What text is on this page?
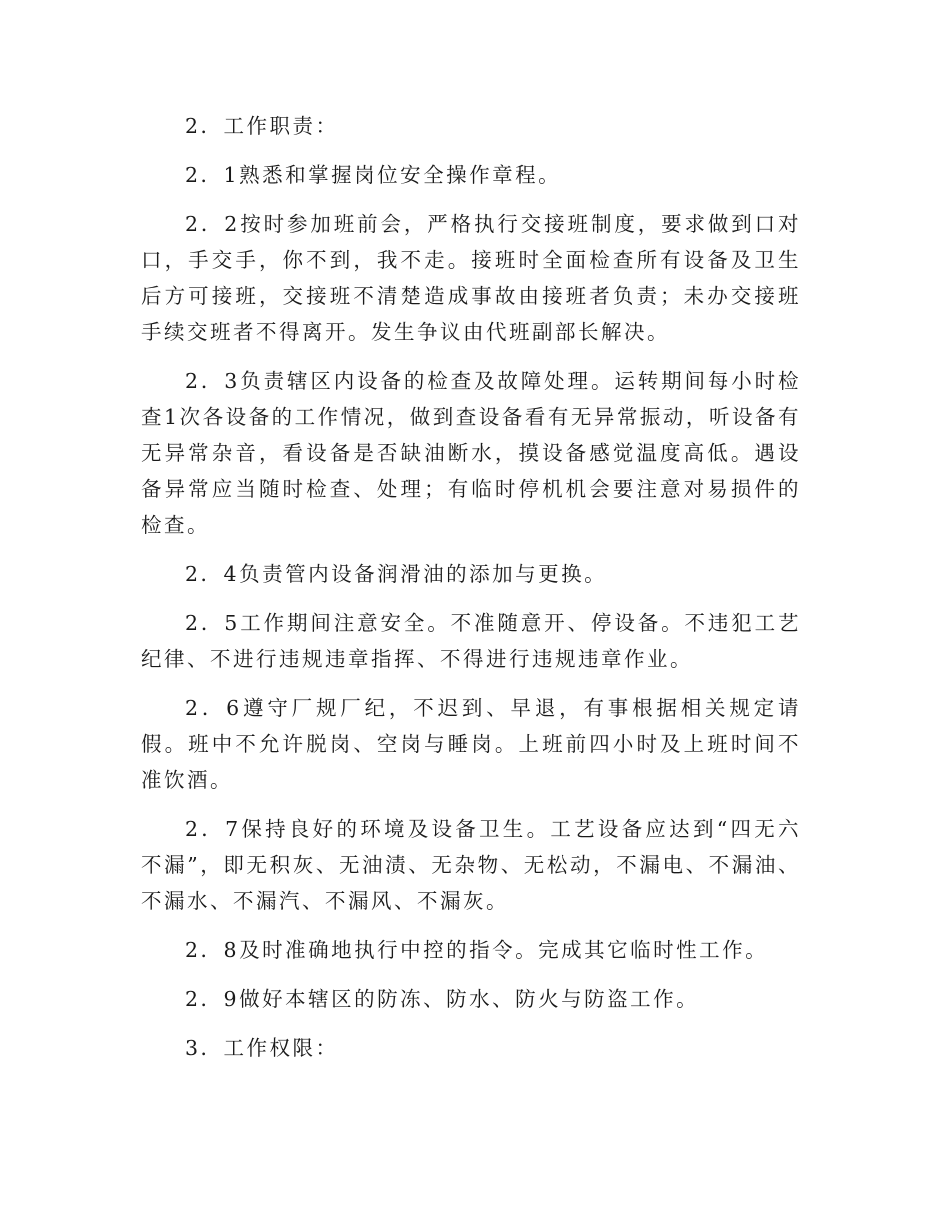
2．工作职责：

2．1熟悉和掌握岗位安全操作章程。

2．2按时参加班前会，严格执行交接班制度，要求做到口对口，手交手，你不到，我不走。接班时全面检查所有设备及卫生后方可接班，交接班不清楚造成事故由接班者负责；未办交接班手续交班者不得离开。发生争议由代班副部长解决。

2．3负责辖区内设备的检查及故障处理。运转期间每小时检查1次各设备的工作情况，做到查设备看有无异常振动，听设备有无异常杂音，看设备是否缺油断水，摸设备感觉温度高低。遇设备异常应当随时检查、处理；有临时停机机会要注意对易损件的检查。

2．4负责管内设备润滑油的添加与更换。

2．5工作期间注意安全。不准随意开、停设备。不违犯工艺纪律、不进行违规违章指挥、不得进行违规违章作业。

2．6遵守厂规厂纪，不迟到、早退，有事根据相关规定请假。班中不允许脱岗、空岗与睡岗。上班前四小时及上班时间不准饮酒。

2．7保持良好的环境及设备卫生。工艺设备应达到“四无六不漏”，即无积灰、无油渍、无杂物、无松动，不漏电、不漏油、不漏水、不漏汽、不漏风、不漏灰。

2．8及时准确地执行中控的指令。完成其它临时性工作。

2．9做好本辖区的防冻、防水、防火与防盗工作。

3．工作权限：
